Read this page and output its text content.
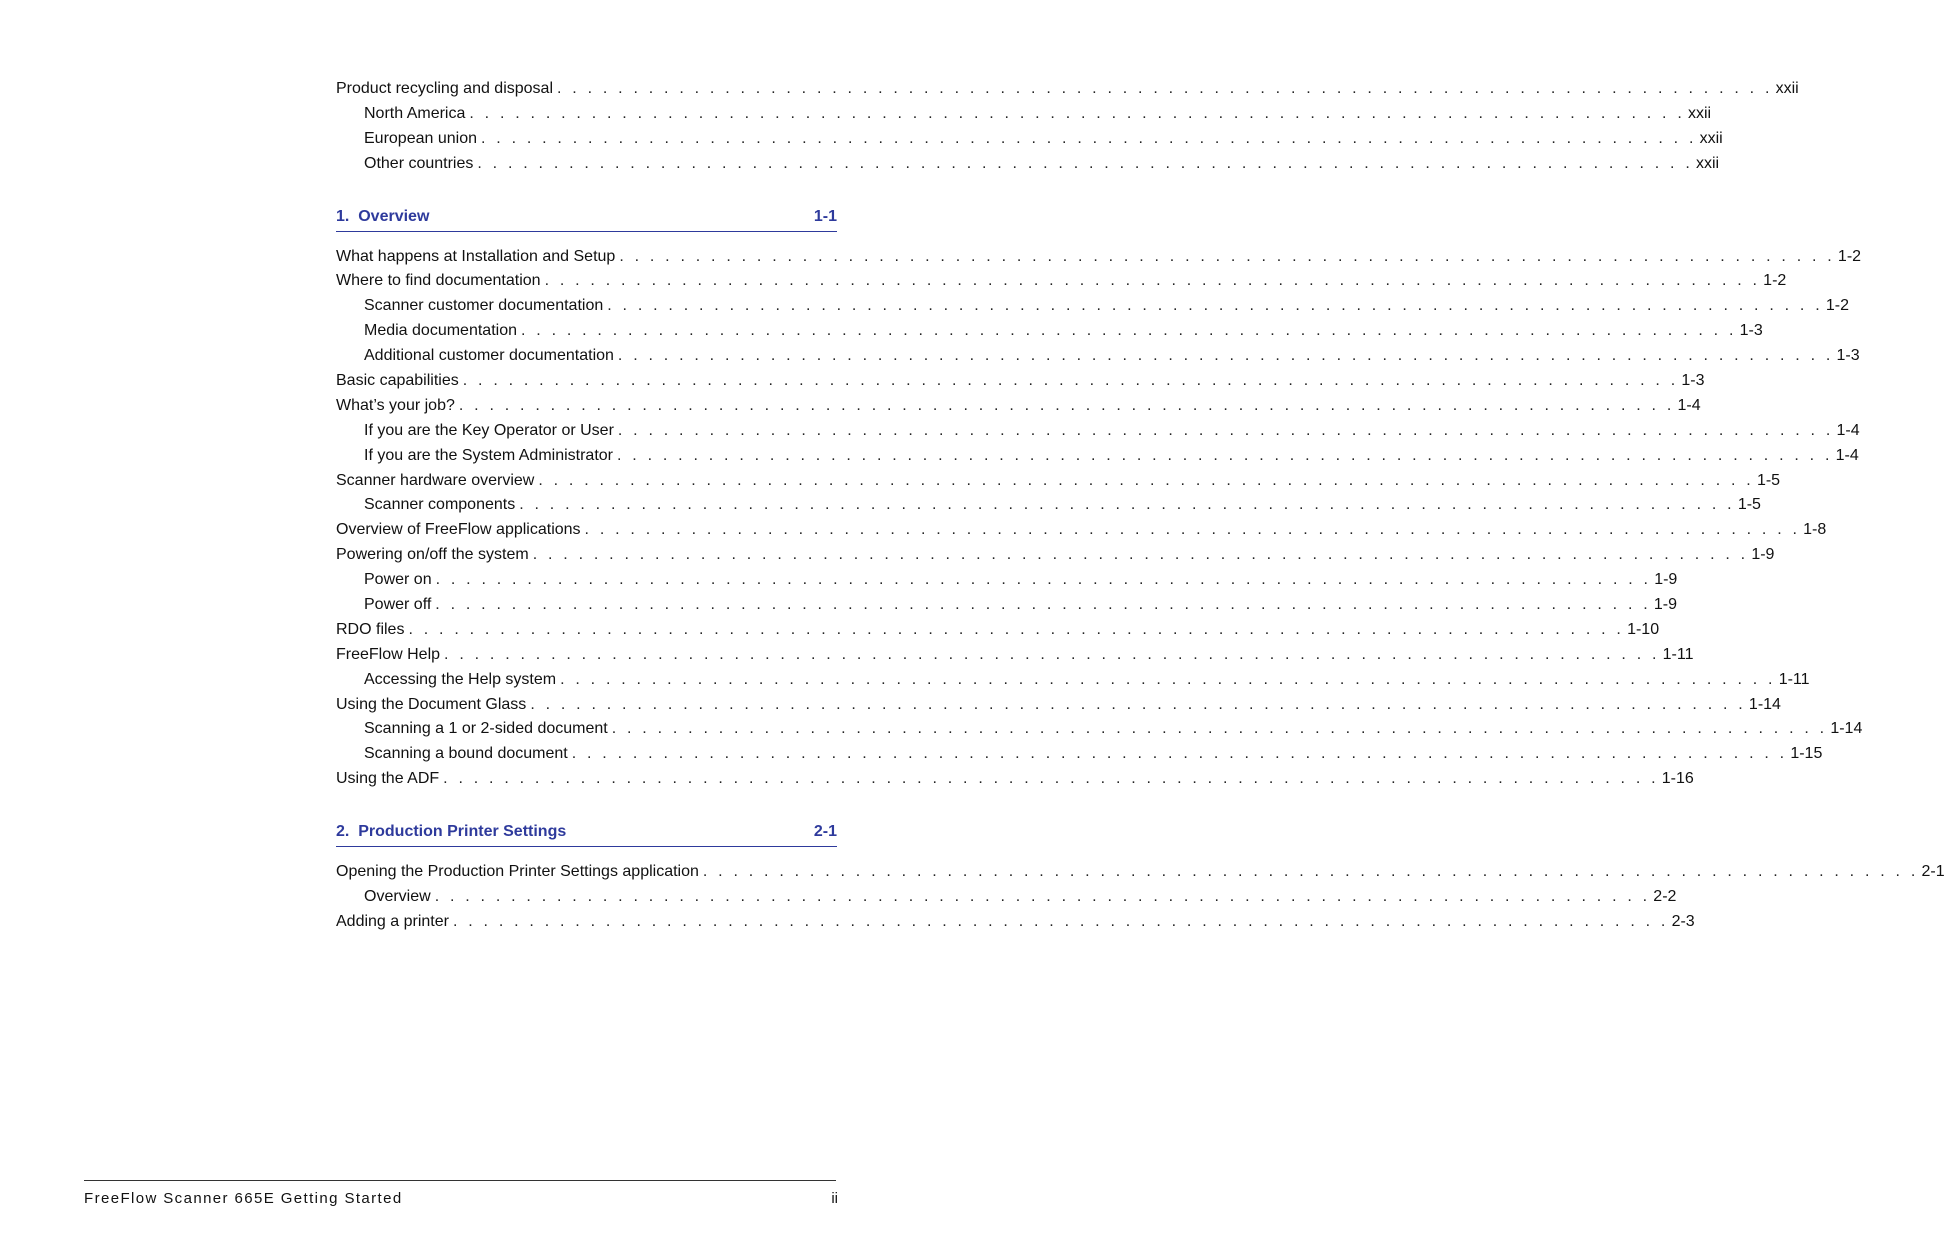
Product recycling and disposal . . . . . . . . . . . . . . . . . . . . . . . . . . . . . . . . . . . . . . . . . . . . . . . . . . . . . . . . . . . . . . . . . . . . . . . . . . . . . . . . xxii
North America . . . . . . . . . . . . . . . . . . . . . . . . . . . . . . . . . . . . . . . . . . . . . . . . . . . . . . . . . . . . . . . . . . . . . . . . . . . . . . . . xxii
European union . . . . . . . . . . . . . . . . . . . . . . . . . . . . . . . . . . . . . . . . . . . . . . . . . . . . . . . . . . . . . . . . . . . . . . . . . . . . . . . . xxii
Other countries . . . . . . . . . . . . . . . . . . . . . . . . . . . . . . . . . . . . . . . . . . . . . . . . . . . . . . . . . . . . . . . . . . . . . . . . . . . . . . . . xxii
1.  Overview	1-1
What happens at Installation and Setup . . . . . . . . . . . . . . . . . . . . . . . . . . . . . . . . . . . . . . . . . . . . . . . . . . . . . . . . . . . . . . . . . . . . . . . . . . . . . . . . 1-2
Where to find documentation . . . . . . . . . . . . . . . . . . . . . . . . . . . . . . . . . . . . . . . . . . . . . . . . . . . . . . . . . . . . . . . . . . . . . . . . . . . . . . . . 1-2
Scanner customer documentation . . . . . . . . . . . . . . . . . . . . . . . . . . . . . . . . . . . . . . . . . . . . . . . . . . . . . . . . . . . . . . . . . . . . . . . . . . . . . . . . 1-2
Media documentation . . . . . . . . . . . . . . . . . . . . . . . . . . . . . . . . . . . . . . . . . . . . . . . . . . . . . . . . . . . . . . . . . . . . . . . . . . . . . . . . 1-3
Additional customer documentation . . . . . . . . . . . . . . . . . . . . . . . . . . . . . . . . . . . . . . . . . . . . . . . . . . . . . . . . . . . . . . . . . . . . . . . . . . . . . . . . 1-3
Basic capabilities . . . . . . . . . . . . . . . . . . . . . . . . . . . . . . . . . . . . . . . . . . . . . . . . . . . . . . . . . . . . . . . . . . . . . . . . . . . . . . . . 1-3
What’s your job? . . . . . . . . . . . . . . . . . . . . . . . . . . . . . . . . . . . . . . . . . . . . . . . . . . . . . . . . . . . . . . . . . . . . . . . . . . . . . . . . 1-4
If you are the Key Operator or User . . . . . . . . . . . . . . . . . . . . . . . . . . . . . . . . . . . . . . . . . . . . . . . . . . . . . . . . . . . . . . . . . . . . . . . . . . . . . . . . 1-4
If you are the System Administrator . . . . . . . . . . . . . . . . . . . . . . . . . . . . . . . . . . . . . . . . . . . . . . . . . . . . . . . . . . . . . . . . . . . . . . . . . . . . . . . . 1-4
Scanner hardware overview . . . . . . . . . . . . . . . . . . . . . . . . . . . . . . . . . . . . . . . . . . . . . . . . . . . . . . . . . . . . . . . . . . . . . . . . . . . . . . . . 1-5
Scanner components . . . . . . . . . . . . . . . . . . . . . . . . . . . . . . . . . . . . . . . . . . . . . . . . . . . . . . . . . . . . . . . . . . . . . . . . . . . . . . . . 1-5
Overview of FreeFlow applications . . . . . . . . . . . . . . . . . . . . . . . . . . . . . . . . . . . . . . . . . . . . . . . . . . . . . . . . . . . . . . . . . . . . . . . . . . . . . . . . 1-8
Powering on/off the system . . . . . . . . . . . . . . . . . . . . . . . . . . . . . . . . . . . . . . . . . . . . . . . . . . . . . . . . . . . . . . . . . . . . . . . . . . . . . . . . 1-9
Power on . . . . . . . . . . . . . . . . . . . . . . . . . . . . . . . . . . . . . . . . . . . . . . . . . . . . . . . . . . . . . . . . . . . . . . . . . . . . . . . . 1-9
Power off . . . . . . . . . . . . . . . . . . . . . . . . . . . . . . . . . . . . . . . . . . . . . . . . . . . . . . . . . . . . . . . . . . . . . . . . . . . . . . . . 1-9
RDO files . . . . . . . . . . . . . . . . . . . . . . . . . . . . . . . . . . . . . . . . . . . . . . . . . . . . . . . . . . . . . . . . . . . . . . . . . . . . . . . . 1-10
FreeFlow Help . . . . . . . . . . . . . . . . . . . . . . . . . . . . . . . . . . . . . . . . . . . . . . . . . . . . . . . . . . . . . . . . . . . . . . . . . . . . . . . . 1-11
Accessing the Help system . . . . . . . . . . . . . . . . . . . . . . . . . . . . . . . . . . . . . . . . . . . . . . . . . . . . . . . . . . . . . . . . . . . . . . . . . . . . . . . . 1-11
Using the Document Glass . . . . . . . . . . . . . . . . . . . . . . . . . . . . . . . . . . . . . . . . . . . . . . . . . . . . . . . . . . . . . . . . . . . . . . . . . . . . . . . . 1-14
Scanning a 1 or 2-sided document . . . . . . . . . . . . . . . . . . . . . . . . . . . . . . . . . . . . . . . . . . . . . . . . . . . . . . . . . . . . . . . . . . . . . . . . . . . . . . . . 1-14
Scanning a bound document . . . . . . . . . . . . . . . . . . . . . . . . . . . . . . . . . . . . . . . . . . . . . . . . . . . . . . . . . . . . . . . . . . . . . . . . . . . . . . . . 1-15
Using the ADF . . . . . . . . . . . . . . . . . . . . . . . . . . . . . . . . . . . . . . . . . . . . . . . . . . . . . . . . . . . . . . . . . . . . . . . . . . . . . . . . 1-16
2.  Production Printer Settings	2-1
Opening the Production Printer Settings application . . . . . . . . . . . . . . . . . . . . . . . . . . . . . . . . . . . . . . . . . . . . . . . . . . . . . . . . . . . . . . . . . . . . . . . . . . . . . . . . 2-1
Overview . . . . . . . . . . . . . . . . . . . . . . . . . . . . . . . . . . . . . . . . . . . . . . . . . . . . . . . . . . . . . . . . . . . . . . . . . . . . . . . . 2-2
Adding a printer . . . . . . . . . . . . . . . . . . . . . . . . . . . . . . . . . . . . . . . . . . . . . . . . . . . . . . . . . . . . . . . . . . . . . . . . . . . . . . . . 2-3
FreeFlow Scanner 665E Getting Started	ii
